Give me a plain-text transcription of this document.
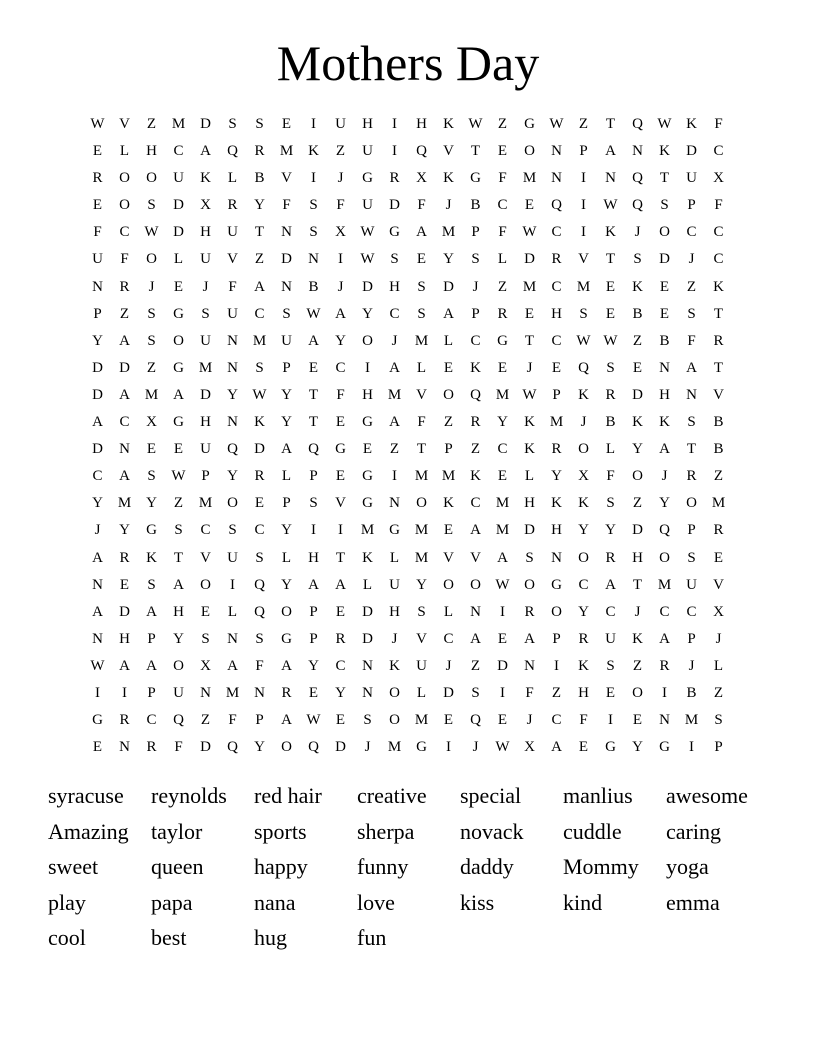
Mothers Day
W V	Z	M D	S	S	E	I	U	H	I	H	K W	Z	G W	Z	T	Q W K	F
E	L	H	C	A	Q	R	M K	Z	U	I	Q	V	T	E	O	N	P	A	N	K	D	C
R	O	O	U	K	L	B	V	I	J	G	R	X	K	G	F	M N	I	N	Q	T	U	X
E	O	S	D	X	R	Y	F	S	F	U	D	F	J	B	C	E	Q	I	W Q	S	P	F
F	C W D	H	U	T	N	S	X W G	A M	P	F	W C	I	K	J	O	C	C
U	F	O	L	U	V	Z	D	N	I	W	S	E	Y	S	L	D	R	V	T	S	D	J	C
N	R	J	E	J	F	A	N	B	J	D	H	S	D	J	Z	M	C	M	E	K	E	Z	K
P	Z	S	G	S	U	C	S	W A	Y	C	S	A	P	R	E	H	S	E	B	E	S	T
Y	A	S	O	U	N M U	A	Y	O	J	M	L	C	G	T	C W W	Z	B	F	R
D	D	Z	G M N	S	P	E	C	I	A	L	E	K	E	J	E	Q	S	E	N	A	T
D	A M A	D	Y W Y	T	F	H M V	O	Q M W	P	K	R	D	H	N	V
A	C	X	G	H	N	K	Y	T	E	G	A	F	Z	R	Y	K M	J	B	K	K	S	B
D	N	E	E	U	Q	D	A	Q	G	E	Z	T	P	Z	C	K	R	O	L	Y	A	T	B
C	A	S	W	P	Y	R	L	P	E	G	I	M M K	E	L	Y	X	F	O	J	R	Z
Y M Y	Z	M O	E	P	S	V	G	N	O	K	C	M H	K	K	S	Z	Y	O M
J	Y	G	S	C	S	C	Y	I	I	M G M	E	A M D	H	Y	Y	D	Q	P	R
A	R	K	T	V	U	S	L	H	T	K	L	M V	V	A	S	N	O	R	H	O	S	E
N	E	S	A	O	I	Q	Y	A	A	L	U	Y	O	O W O	G	C	A	T	M U	V
A	D	A	H	E	L	Q	O	P	E	D	H	S	L	N	I	R	O	Y	C	J	C	C	X
N	H	P	Y	S	N	S	G	P	R	D	J	V	C	A	E	A	P	R	U	K	A	P	J
W A	A	O	X	A	F	A	Y	C	N	K	U	J	Z	D	N	I	K	S	Z	R	J	L
I	I	P	U	N M N	R	E	Y	N	O	L	D	S	I	F	Z	H	E	O	I	B	Z
G	R	C	Q	Z	F	P	A W	E	S	O M	E	Q	E	J	C	F	I	E	N M	S
E	N	R	F	D	Q	Y	O	Q	D	J	M G	I	J	W X	A	E	G	Y	G	I	P
syracuse	reynolds	red hair	creative	special	manlius	awesome
Amazing	taylor	sports	sherpa	novack	cuddle	caring
sweet	queen	happy	funny	daddy	Mommy	yoga
play	papa	nana	love	kiss	kind	emma
cool	best	hug	fun
